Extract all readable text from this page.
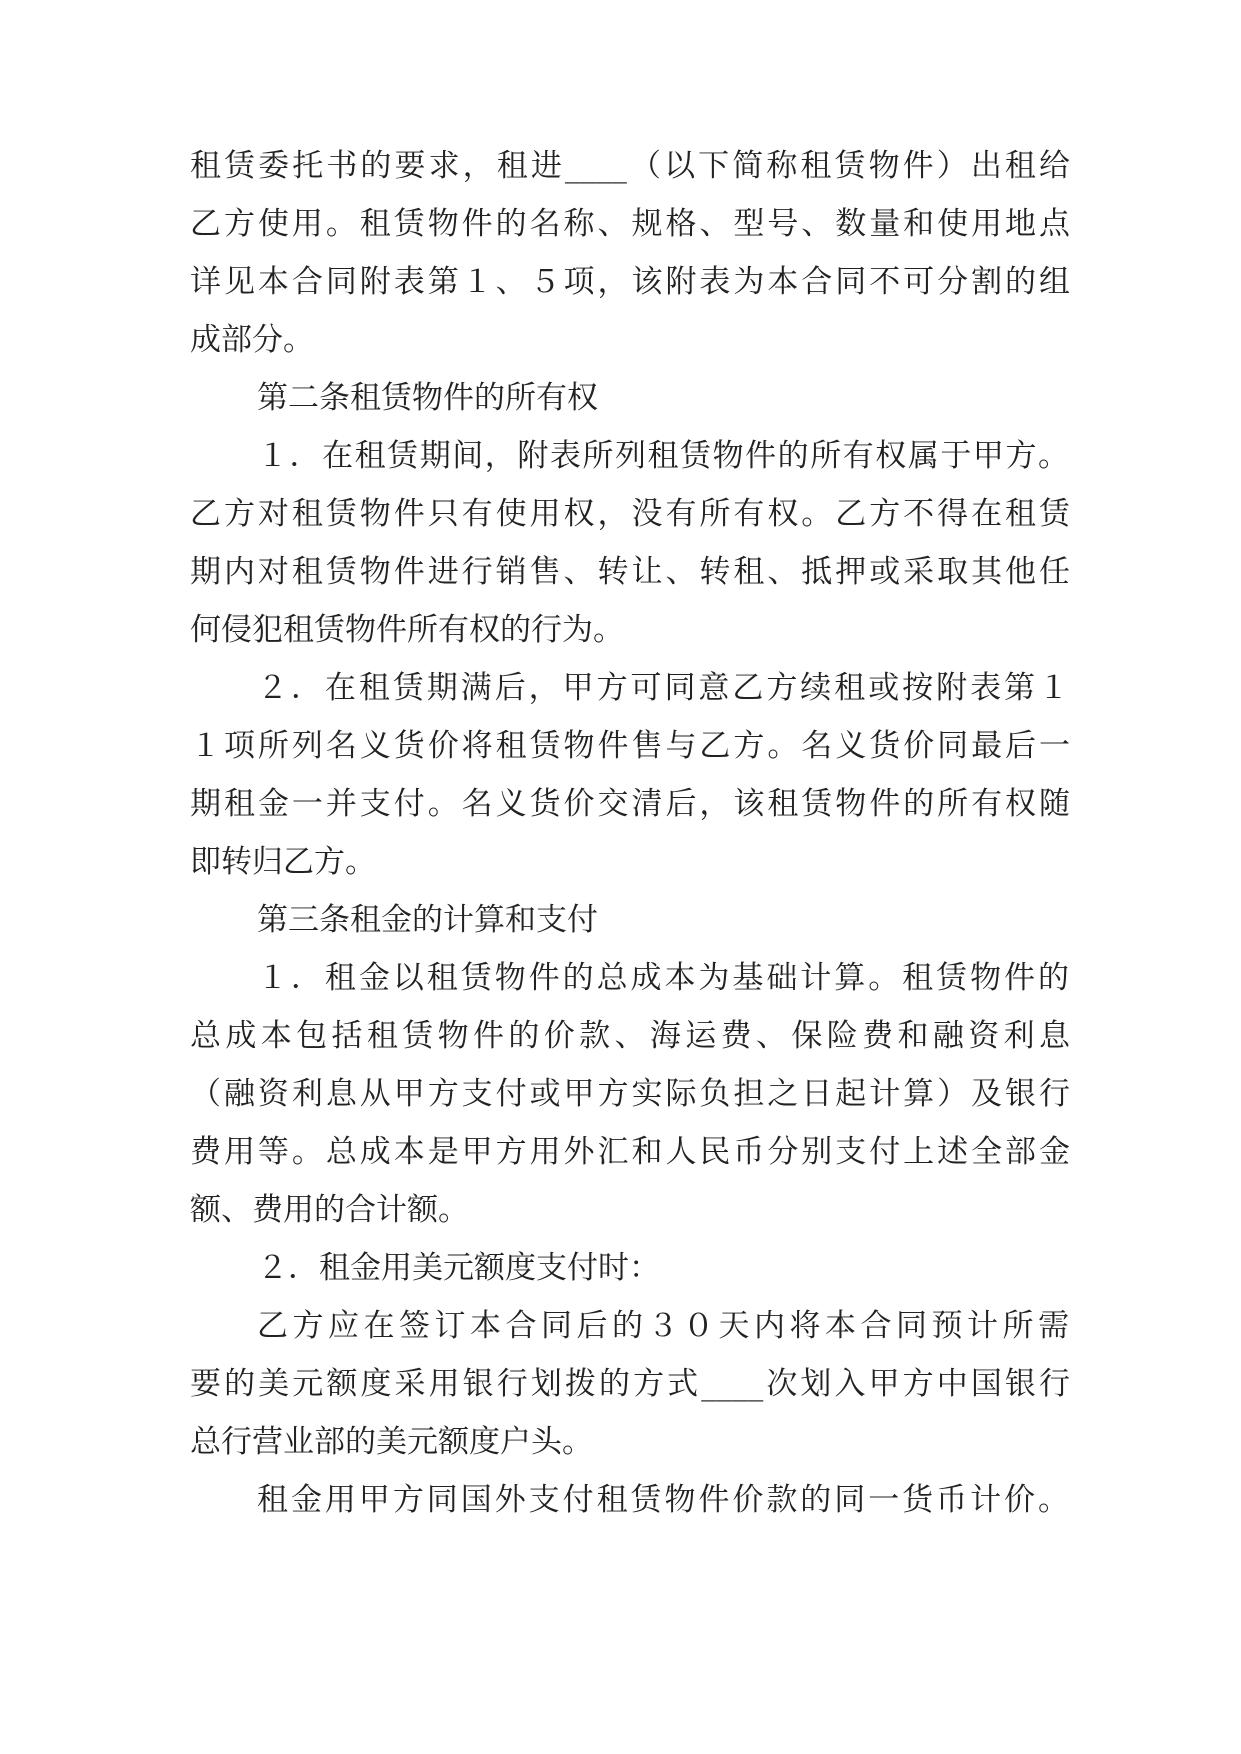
租赁委托书的要求，租进____（以下简称租赁物件）出租给
乙方使用。租赁物件的名称、规格、型号、数量和使用地点
详见本合同附表第１、５项，该附表为本合同不可分割的组
成部分。
第二条租赁物件的所有权
１．在租赁期间，附表所列租赁物件的所有权属于甲方。
乙方对租赁物件只有使用权，没有所有权。乙方不得在租赁
期内对租赁物件进行销售、转让、转租、抵押或采取其他任
何侵犯租赁物件所有权的行为。
２．在租赁期满后，甲方可同意乙方续租或按附表第１
１项所列名义货价将租赁物件售与乙方。名义货价同最后一
期租金一并支付。名义货价交清后，该租赁物件的所有权随
即转归乙方。
第三条租金的计算和支付
１．租金以租赁物件的总成本为基础计算。租赁物件的
总成本包括租赁物件的价款、海运费、保险费和融资利息
（融资利息从甲方支付或甲方实际负担之日起计算）及银行
费用等。总成本是甲方用外汇和人民币分别支付上述全部金
额、费用的合计额。
２．租金用美元额度支付时：
乙方应在签订本合同后的３０天内将本合同预计所需
要的美元额度采用银行划拨的方式____次划入甲方中国银行
总行营业部的美元额度户头。
租金用甲方同国外支付租赁物件价款的同一货币计价。
